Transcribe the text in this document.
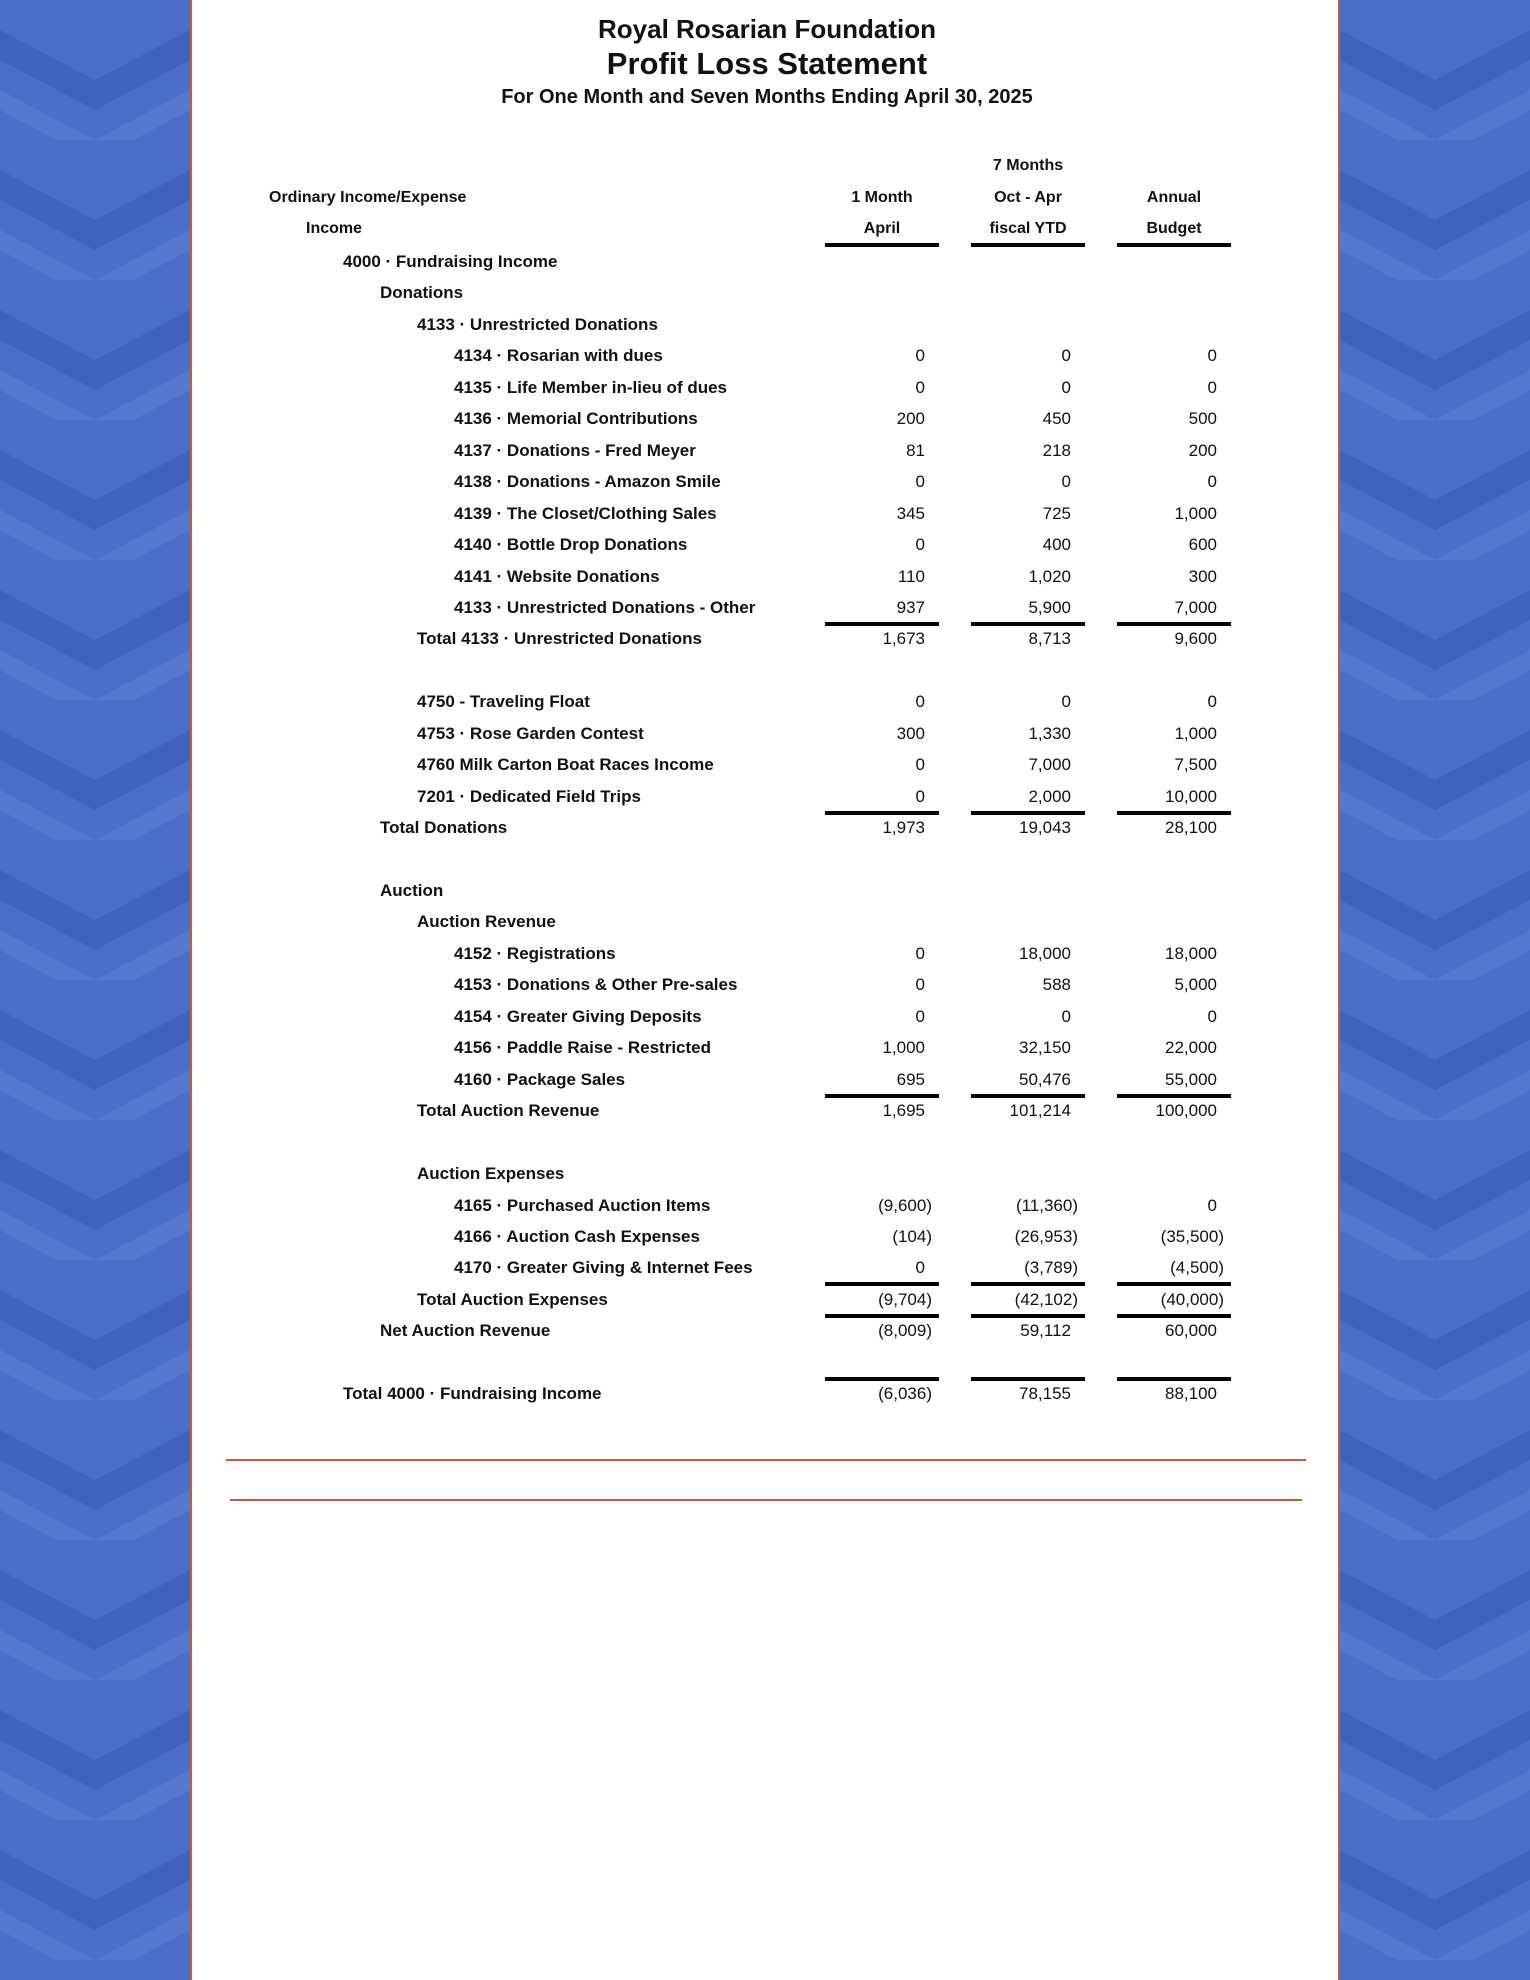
Royal Rosarian Foundation
Profit Loss Statement
For One Month and Seven Months Ending April 30, 2025
7 Months
Ordinary Income/Expense	1 Month	Oct - Apr	Annual
Income	April	fiscal YTD	Budget
4000 · Fundraising Income
Donations
4133 · Unrestricted Donations
4134 · Rosarian with dues	0	0	0
4135 · Life Member in-lieu of dues	0	0	0
4136 · Memorial Contributions	200	450	500
4137 · Donations - Fred Meyer	81	218	200
4138 · Donations - Amazon Smile	0	0	0
4139 · The Closet/Clothing Sales	345	725	1,000
4140 · Bottle Drop Donations	0	400	600
4141 · Website Donations	110	1,020	300
4133 · Unrestricted Donations - Other	937	5,900	7,000
Total 4133 · Unrestricted Donations	1,673	8,713	9,600
4750 - Traveling Float	0	0	0
4753 · Rose Garden Contest	300	1,330	1,000
4760 Milk Carton Boat Races Income	0	7,000	7,500
7201 · Dedicated Field Trips	0	2,000	10,000
Total Donations	1,973	19,043	28,100
Auction
Auction Revenue
4152 · Registrations	0	18,000	18,000
4153 · Donations & Other Pre-sales	0	588	5,000
4154 · Greater Giving Deposits	0	0	0
4156 · Paddle Raise - Restricted	1,000	32,150	22,000
4160 · Package Sales	695	50,476	55,000
Total Auction Revenue	1,695	101,214	100,000
Auction Expenses
4165 · Purchased Auction Items	(9,600)	(11,360)	0
4166 · Auction Cash Expenses	(104)	(26,953)	(35,500)
4170 · Greater Giving & Internet Fees	0	(3,789)	(4,500)
Total Auction Expenses	(9,704)	(42,102)	(40,000)
Net Auction Revenue	(8,009)	59,112	60,000
Total 4000 · Fundraising Income	(6,036)	78,155	88,100
